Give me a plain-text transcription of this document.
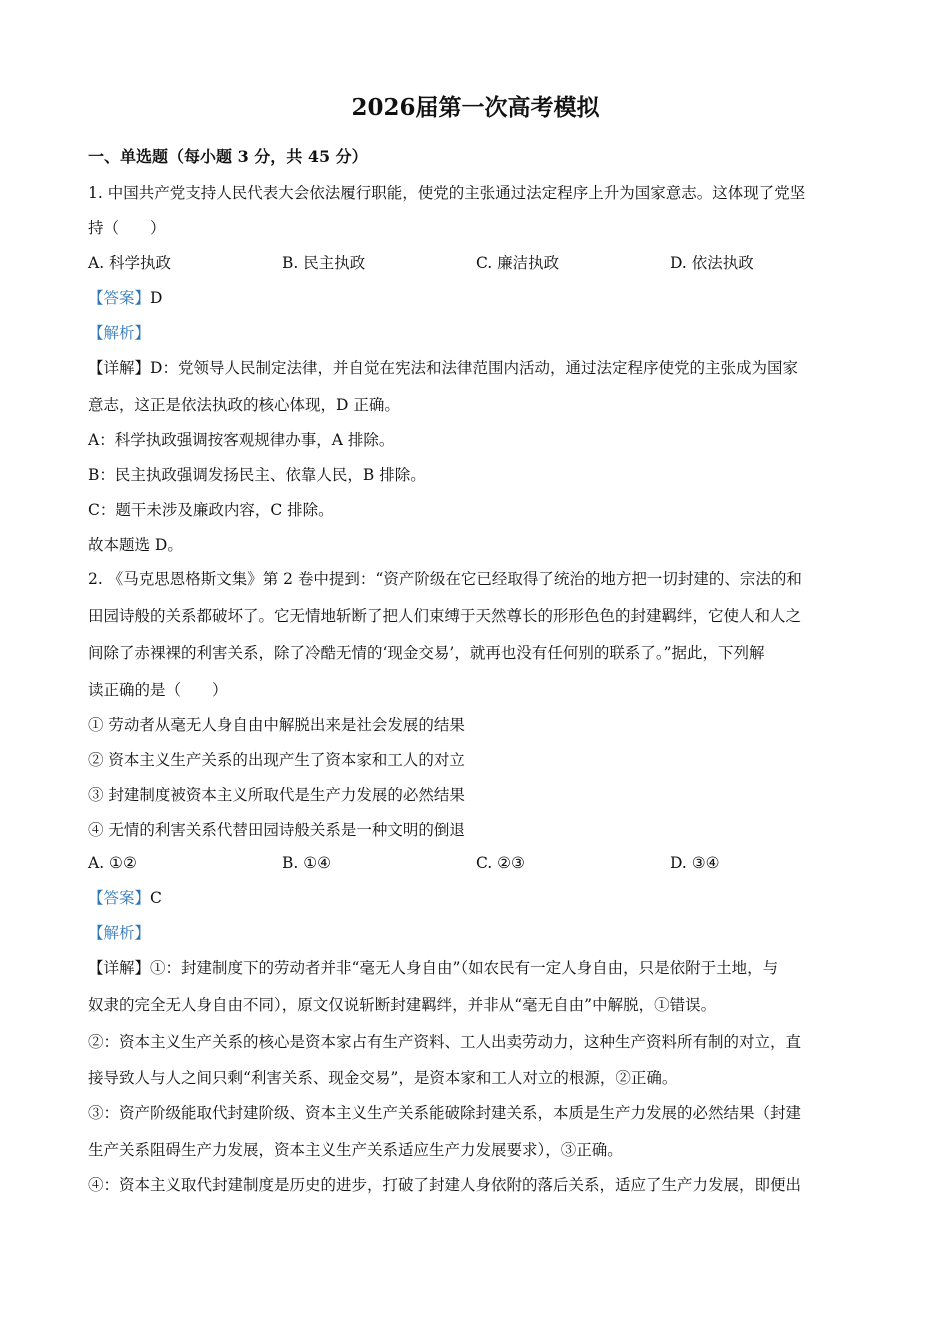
2026届第一次高考模拟
一、单选题（每小题 3 分，共 45 分）
1. 中国共产党支持人民代表大会依法履行职能，使党的主张通过法定程序上升为国家意志。这体现了党坚
持（　　）
A. 科学执政	B. 民主执政	C. 廉洁执政	D. 依法执政
【答案】D
【解析】
【详解】D：党领导人民制定法律，并自觉在宪法和法律范围内活动，通过法定程序使党的主张成为国家
意志，这正是依法执政的核心体现，D 正确。
A：科学执政强调按客观规律办事，A 排除。
B：民主执政强调发扬民主、依靠人民，B 排除。
C：题干未涉及廉政内容，C 排除。
故本题选 D。
2. 《马克思恩格斯文集》第 2 卷中提到：“资产阶级在它已经取得了统治的地方把一切封建的、宗法的和
田园诗般的关系都破坏了。它无情地斩断了把人们束缚于天然尊长的形形色色的封建羁绊，它使人和人之
间除了赤裸裸的利害关系，除了冷酷无情的‘现金交易’，就再也没有任何别的联系了。”据此，下列解
读正确的是（　　）
① 劳动者从毫无人身自由中解脱出来是社会发展的结果
② 资本主义生产关系的出现产生了资本家和工人的对立
③ 封建制度被资本主义所取代是生产力发展的必然结果
④ 无情的利害关系代替田园诗般关系是一种文明的倒退
A. ①②	B. ①④	C. ②③	D. ③④
【答案】C
【解析】
【详解】①：封建制度下的劳动者并非“毫无人身自由”（如农民有一定人身自由，只是依附于土地，与
奴隶的完全无人身自由不同），原文仅说斩断封建羁绊，并非从“毫无自由”中解脱，①错误。
②：资本主义生产关系的核心是资本家占有生产资料、工人出卖劳动力，这种生产资料所有制的对立，直
接导致人与人之间只剩“利害关系、现金交易”，是资本家和工人对立的根源，②正确。
③：资产阶级能取代封建阶级、资本主义生产关系能破除封建关系，本质是生产力发展的必然结果（封建
生产关系阻碍生产力发展，资本主义生产关系适应生产力发展要求），③正确。
④：资本主义取代封建制度是历史的进步，打破了封建人身依附的落后关系，适应了生产力发展，即便出
